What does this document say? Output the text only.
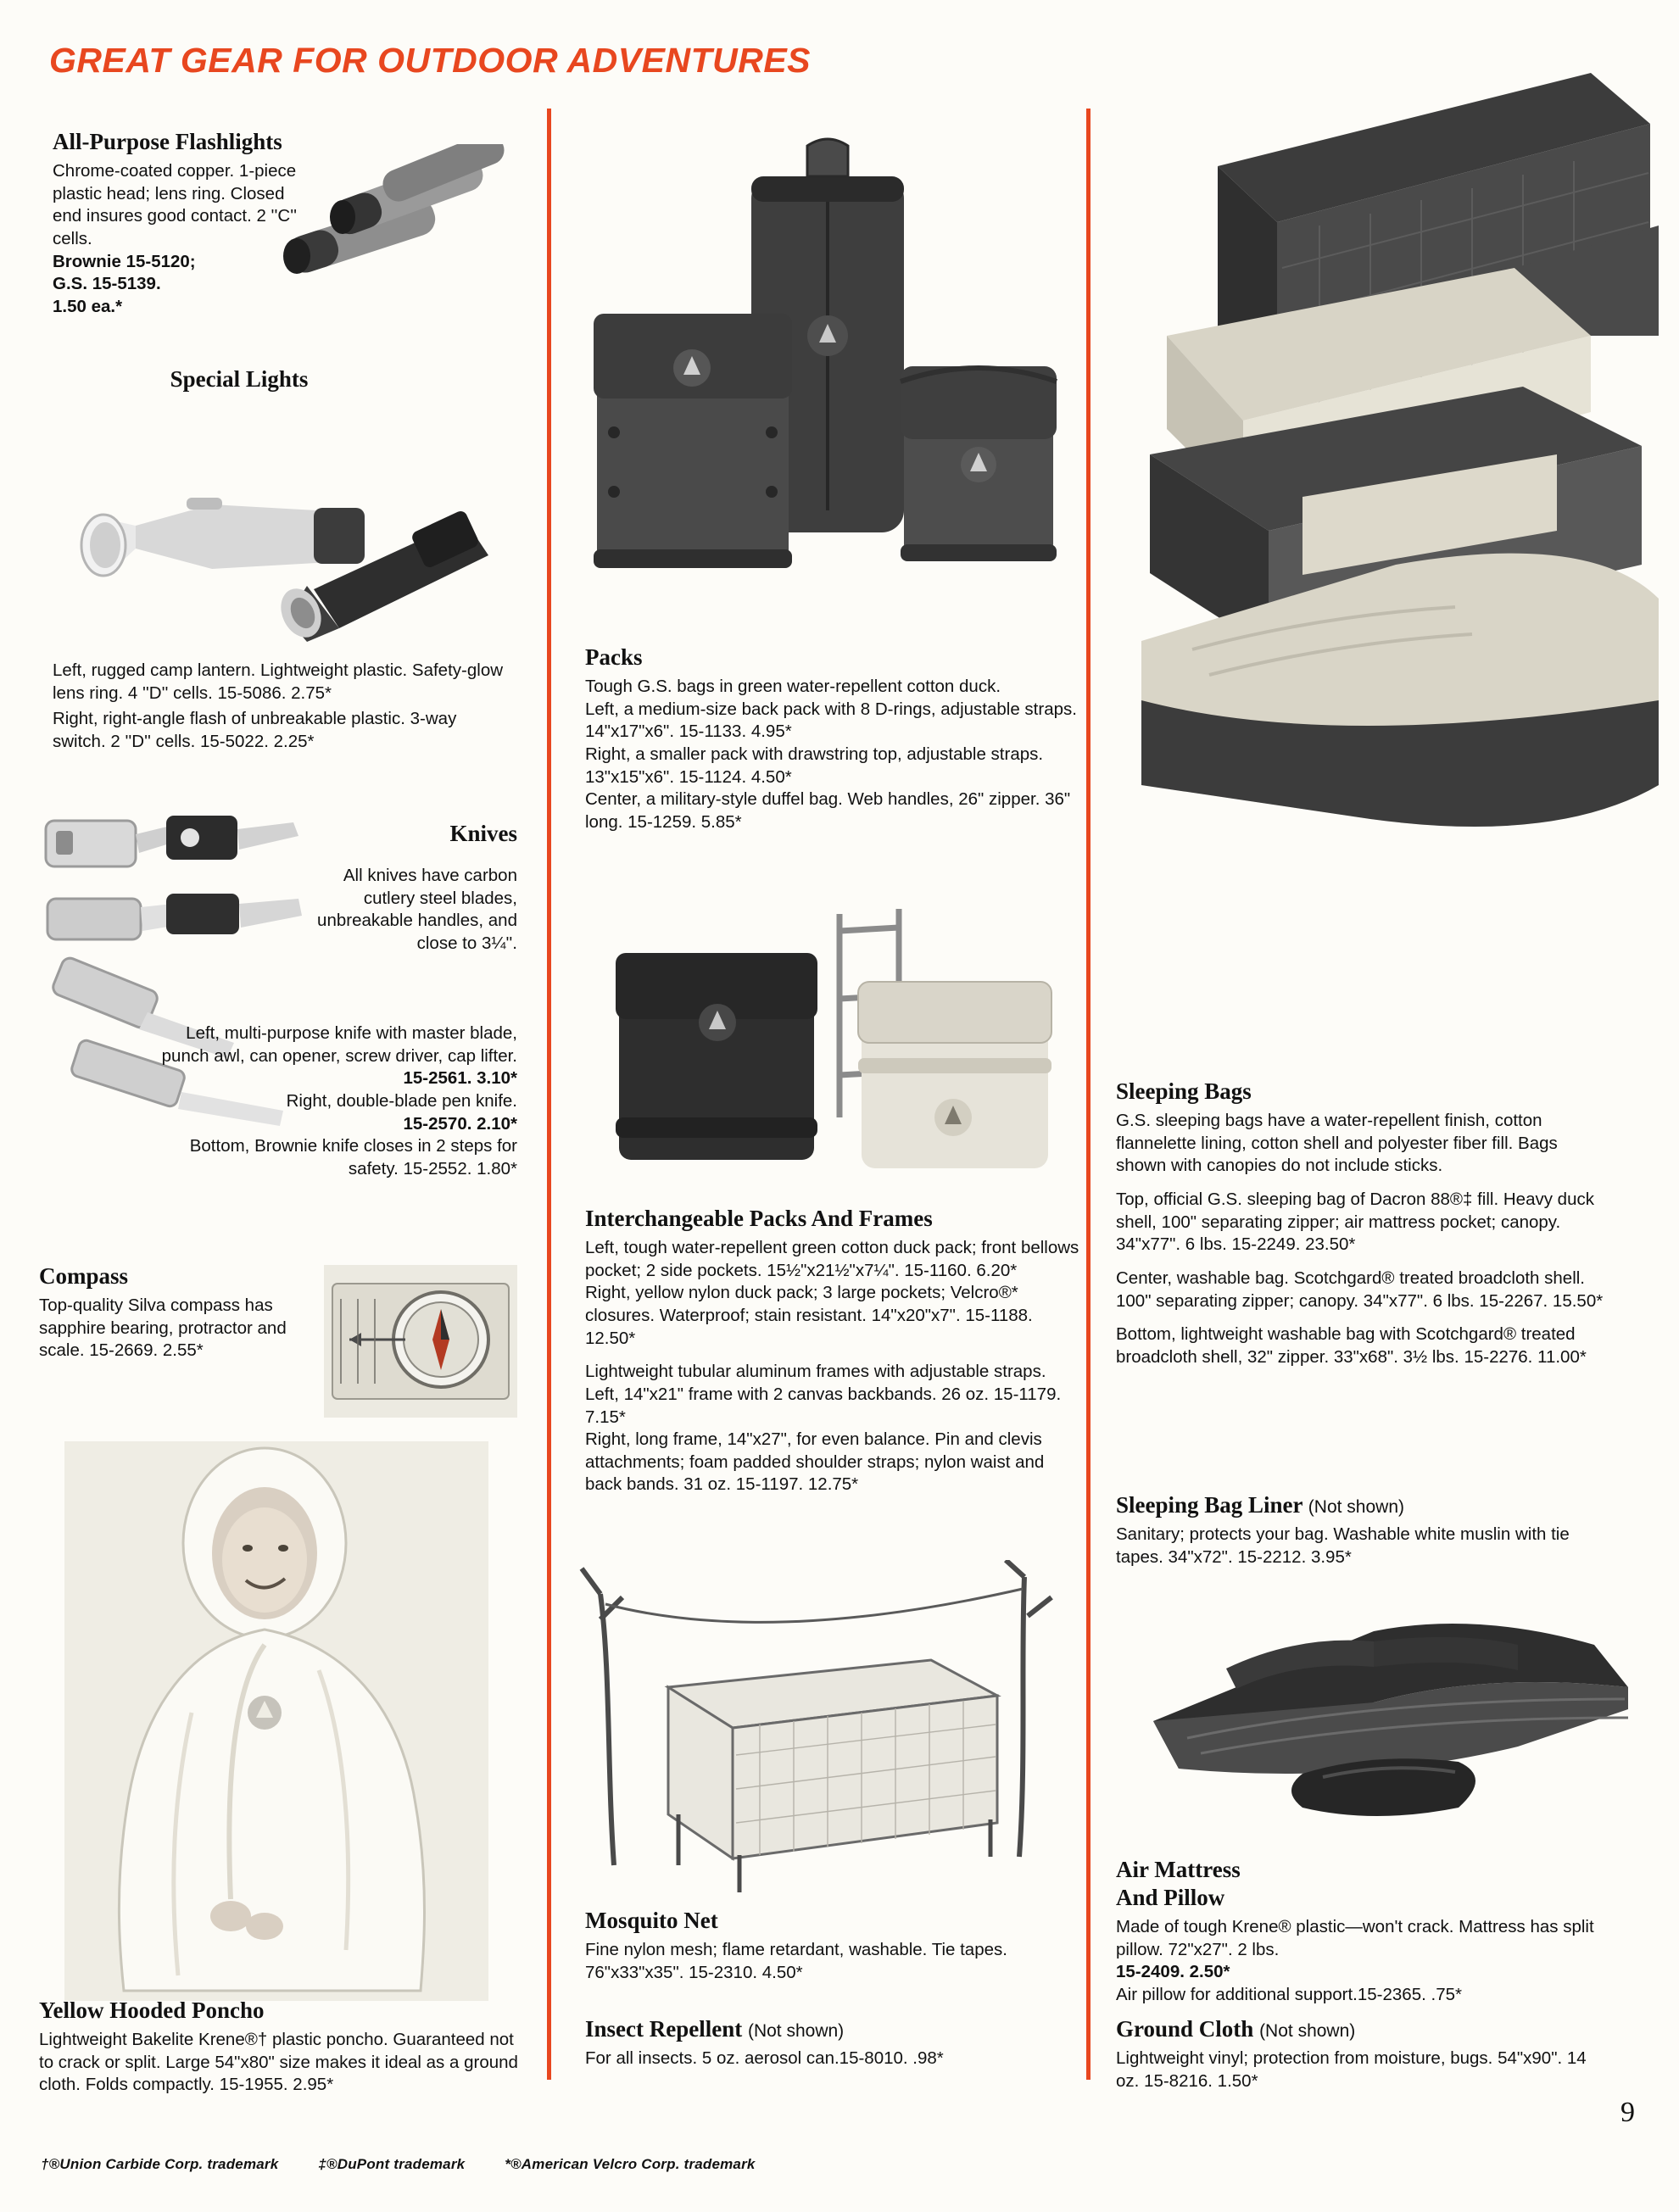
GREAT GEAR FOR OUTDOOR ADVENTURES
All-Purpose Flashlights
Chrome-coated copper. 1-piece plastic head; lens ring. Closed end insures good contact. 2 ''C'' cells.
Brownie 15-5120;
G.S. 15-5139.
1.50 ea.*
Special Lights
Left, rugged camp lantern. Lightweight plastic. Safety-glow lens ring. 4 ''D'' cells. 15-5086. 2.75*
Right, right-angle flash of unbreakable plastic. 3-way switch. 2 ''D'' cells. 15-5022. 2.25*
Knives
All knives have carbon cutlery steel blades, unbreakable handles, and close to 3¼''.
Left, multi-purpose knife with master blade, punch awl, can opener, screw driver, cap lifter.
15-2561. 3.10*
Right, double-blade pen knife.
15-2570. 2.10*
Bottom, Brownie knife closes in 2 steps for safety. 15-2552. 1.80*
Compass
Top-quality Silva compass has sapphire bearing, protractor and scale. 15-2669. 2.55*
Yellow Hooded Poncho
Lightweight Bakelite Krene®† plastic poncho. Guaranteed not to crack or split. Large 54"x80" size makes it ideal as a ground cloth. Folds compactly. 15-1955. 2.95*
Packs
Tough G.S. bags in green water-repellent cotton duck.
Left, a medium-size back pack with 8 D-rings, adjustable straps. 14"x17"x6". 15-1133. 4.95*
Right, a smaller pack with drawstring top, adjustable straps. 13"x15"x6". 15-1124. 4.50*
Center, a military-style duffel bag. Web handles, 26" zipper. 36" long. 15-1259. 5.85*
Interchangeable Packs And Frames
Left, tough water-repellent green cotton duck pack; front bellows pocket; 2 side pockets. 15½"x21½"x7¼". 15-1160. 6.20*
Right, yellow nylon duck pack; 3 large pockets; Velcro®* closures. Waterproof; stain resistant. 14"x20"x7". 15-1188. 12.50*
Lightweight tubular aluminum frames with adjustable straps.
Left, 14"x21" frame with 2 canvas backbands. 26 oz. 15-1179. 7.15*
Right, long frame, 14"x27", for even balance. Pin and clevis attachments; foam padded shoulder straps; nylon waist and back bands. 31 oz. 15-1197. 12.75*
Mosquito Net
Fine nylon mesh; flame retardant, washable. Tie tapes. 76"x33"x35". 15-2310. 4.50*
Insect Repellent (Not shown)
For all insects. 5 oz. aerosol can.15-8010. .98*
Sleeping Bags
G.S. sleeping bags have a water-repellent finish, cotton flannelette lining, cotton shell and polyester fiber fill. Bags shown with canopies do not include sticks.
Top, official G.S. sleeping bag of Dacron 88®‡ fill. Heavy duck shell, 100" separating zipper; air mattress pocket; canopy. 34"x77". 6 lbs. 15-2249. 23.50*
Center, washable bag. Scotchgard® treated broadcloth shell. 100" separating zipper; canopy. 34"x77". 6 lbs. 15-2267. 15.50*
Bottom, lightweight washable bag with Scotchgard® treated broadcloth shell, 32" zipper. 33"x68". 3½ lbs. 15-2276. 11.00*
Sleeping Bag Liner (Not shown)
Sanitary; protects your bag. Washable white muslin with tie tapes. 34"x72". 15-2212. 3.95*
Air Mattress
And Pillow
Made of tough Krene® plastic—won't crack. Mattress has split pillow. 72"x27". 2 lbs.
15-2409. 2.50*
Air pillow for additional support.15-2365. .75*
Ground Cloth (Not shown)
Lightweight vinyl; protection from moisture, bugs. 54"x90". 14 oz. 15-8216. 1.50*
9
†®Union Carbide Corp. trademark	‡®DuPont trademark	*®American Velcro Corp. trademark
